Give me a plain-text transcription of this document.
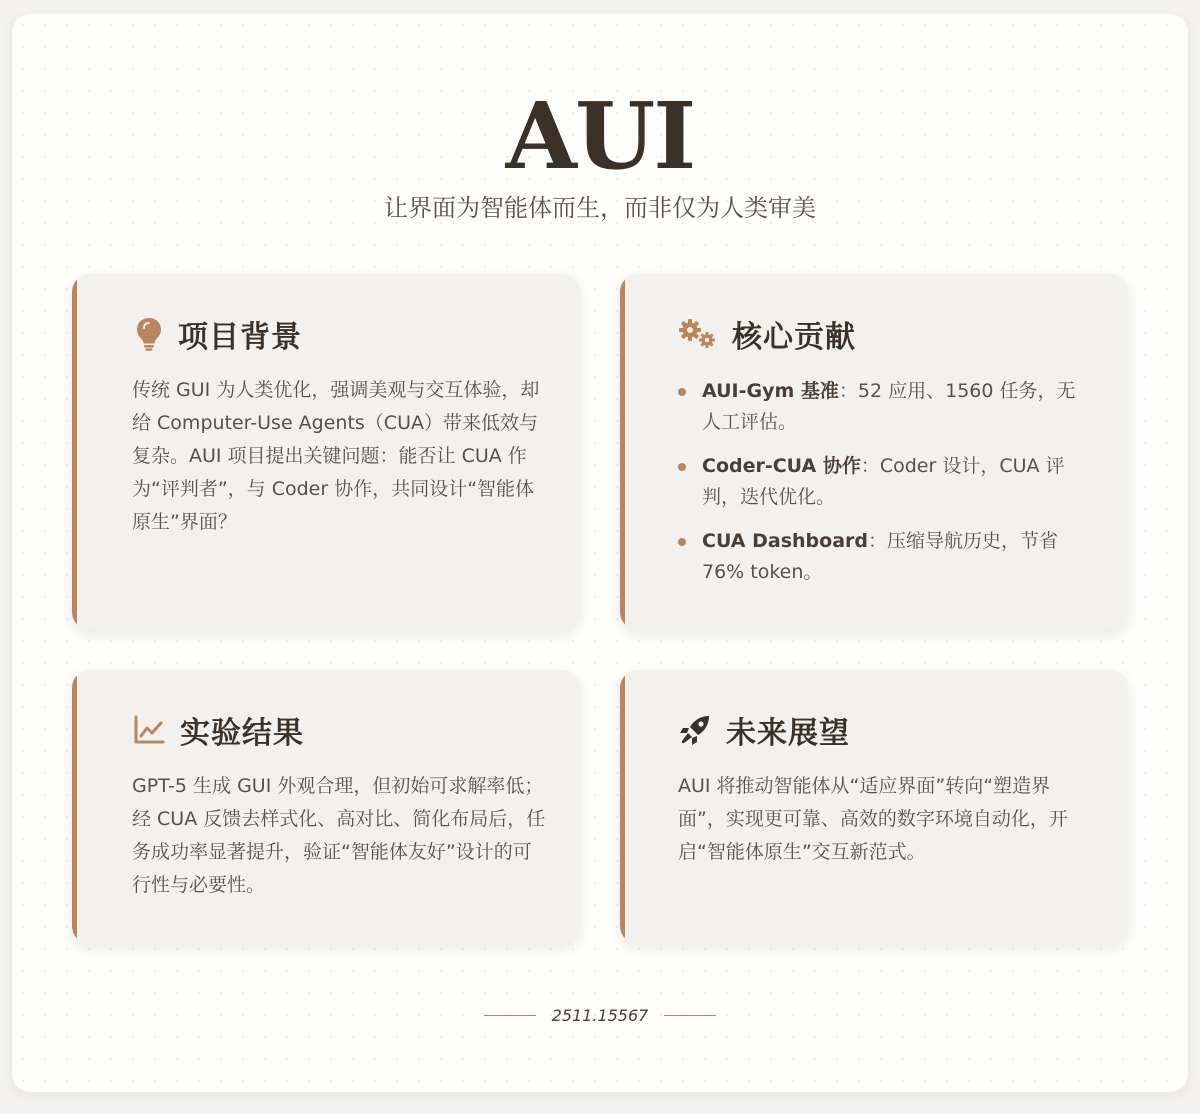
AUI
让界面为智能体而生，而非仅为人类审美
项目背景
传统 GUI 为人类优化，强调美观与交互体验，却给 Computer-Use Agents（CUA）带来低效与复杂。AUI 项目提出关键问题：能否让 CUA 作为“评判者”，与 Coder 协作，共同设计“智能体原生”界面？
核心贡献
AUI-Gym 基准：52 应用、1560 任务，无人工评估。
Coder-CUA 协作：Coder 设计，CUA 评判，迭代优化。
CUA Dashboard：压缩导航历史，节省 76% token。
实验结果
GPT-5 生成 GUI 外观合理，但初始可求解率低；经 CUA 反馈去样式化、高对比、简化布局后，任务成功率显著提升，验证“智能体友好”设计的可行性与必要性。
未来展望
AUI 将推动智能体从“适应界面”转向“塑造界面”，实现更可靠、高效的数字环境自动化，开启“智能体原生”交互新范式。
2511.15567
